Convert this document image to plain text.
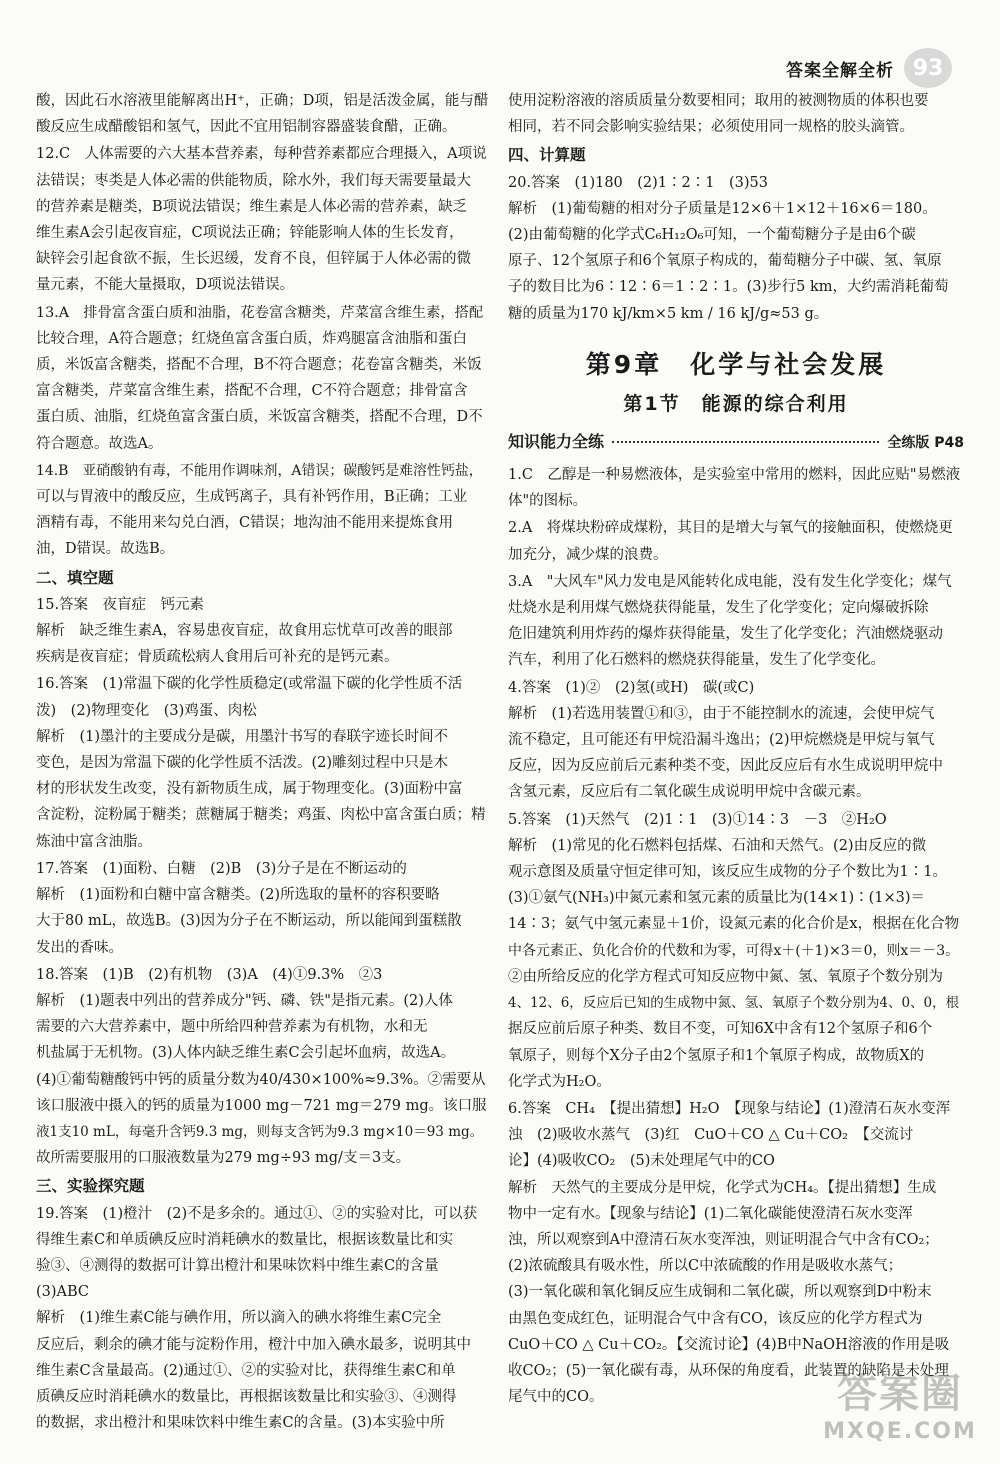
答案全解全析 93
酸，因此石水溶液里能解离出H⁺，正确；D项，铝是活泼金属，能与醋
酸反应生成醋酸铝和氢气，因此不宜用铝制容器盛装食醋，正确。
12.C　人体需要的六大基本营养素，每种营养素都应合理摄入，A项说
法错误；枣类是人体必需的供能物质，除水外，我们每天需要量最大
的营养素是糖类，B项说法错误；维生素是人体必需的营养素，缺乏
维生素A会引起夜盲症，C项说法正确；锌能影响人体的生长发育，
缺锌会引起食欲不振，生长迟缓，发育不良，但锌属于人体必需的微
量元素，不能大量摄取，D项说法错误。
13.A　排骨富含蛋白质和油脂，花卷富含糖类，芹菜富含维生素，搭配
比较合理，A符合题意；红烧鱼富含蛋白质，炸鸡腿富含油脂和蛋白
质，米饭富含糖类，搭配不合理，B不符合题意；花卷富含糖类，米饭
富含糖类，芹菜富含维生素，搭配不合理，C不符合题意；排骨富含
蛋白质、油脂，红烧鱼富含蛋白质，米饭富含糖类，搭配不合理，D不
符合题意。故选A。
14.B　亚硝酸钠有毒，不能用作调味剂，A错误；碳酸钙是难溶性钙盐，
可以与胃液中的酸反应，生成钙离子，具有补钙作用，B正确；工业
酒精有毒，不能用来勾兑白酒，C错误；地沟油不能用来提炼食用
油，D错误。故选B。
二、填空题
15.答案　夜盲症　钙元素
解析　缺乏维生素A，容易患夜盲症，故食用忘忧草可改善的眼部
疾病是夜盲症；骨质疏松病人食用后可补充的是钙元素。
16.答案　(1)常温下碳的化学性质稳定(或常温下碳的化学性质不活
泼)　(2)物理变化　(3)鸡蛋、肉松
解析　(1)墨汁的主要成分是碳，用墨汁书写的春联字迹长时间不
变色，是因为常温下碳的化学性质不活泼。(2)雕刻过程中只是木
材的形状发生改变，没有新物质生成，属于物理变化。(3)面粉中富
含淀粉，淀粉属于糖类；蔗糖属于糖类；鸡蛋、肉松中富含蛋白质；精
炼油中富含油脂。
17.答案　(1)面粉、白糖　(2)B　(3)分子是在不断运动的
解析　(1)面粉和白糖中富含糖类。(2)所选取的量杯的容积要略
大于80 mL，故选B。(3)因为分子在不断运动，所以能闻到蛋糕散
发出的香味。
18.答案　(1)B　(2)有机物　(3)A　(4)①9.3%　②3
解析　(1)题表中列出的营养成分"钙、磷、铁"是指元素。(2)人体
需要的六大营养素中，题中所给四种营养素为有机物，水和无
机盐属于无机物。(3)人体内缺乏维生素C会引起坏血病，故选A。
(4)①葡萄糖酸钙中钙的质量分数为40/430×100%≈9.3%。②需要从
该口服液中摄入的钙的质量为1000 mg－721 mg＝279 mg。该口服
液1支10 mL，每毫升含钙9.3 mg，则每支含钙为9.3 mg×10＝93 mg。
故所需要服用的口服液数量为279 mg÷93 mg/支＝3支。
三、实验探究题
19.答案　(1)橙汁　(2)不是多余的。通过①、②的实验对比，可以获
得维生素C和单质碘反应时消耗碘水的数量比，根据该数量比和实
验③、④测得的数据可计算出橙汁和果味饮料中维生素C的含量
(3)ABC
解析　(1)维生素C能与碘作用，所以滴入的碘水将维生素C完全
反应后，剩余的碘才能与淀粉作用，橙汁中加入碘水最多，说明其中
维生素C含量最高。(2)通过①、②的实验对比，获得维生素C和单
质碘反应时消耗碘水的数量比，再根据该数量比和实验③、④测得
的数据，求出橙汁和果味饮料中维生素C的含量。(3)本实验中所
使用淀粉溶液的溶质质量分数要相同；取用的被测物质的体积也要
相同，若不同会影响实验结果；必须使用同一规格的胶头滴管。
四、计算题
20.答案　(1)180　(2)1∶2∶1　(3)53
解析　(1)葡萄糖的相对分子质量是12×6＋1×12＋16×6＝180。
(2)由葡萄糖的化学式C₆H₁₂O₆可知，一个葡萄糖分子是由6个碳
原子、12个氢原子和6个氧原子构成的，葡萄糖分子中碳、氢、氧原
子的数目比为6∶12∶6＝1∶2∶1。(3)步行5 km，大约需消耗葡萄
糖的质量为170 kJ/km×5 km / 16 kJ/g≈53 g。
第9章　化学与社会发展
第1节　能源的综合利用
知识能力全练	全练版 P48
1.C　乙醇是一种易燃液体，是实验室中常用的燃料，因此应贴"易燃液
体"的图标。
2.A　将煤块粉碎成煤粉，其目的是增大与氧气的接触面积，使燃烧更
加充分，减少煤的浪费。
3.A　"大风车"风力发电是风能转化成电能，没有发生化学变化；煤气
灶烧水是利用煤气燃烧获得能量，发生了化学变化；定向爆破拆除
危旧建筑利用炸药的爆炸获得能量，发生了化学变化；汽油燃烧驱动
汽车，利用了化石燃料的燃烧获得能量，发生了化学变化。
4.答案　(1)②　(2)氢(或H)　碳(或C)
解析　(1)若选用装置①和③，由于不能控制水的流速，会使甲烷气
流不稳定，且可能还有甲烷沿漏斗逸出；(2)甲烷燃烧是甲烷与氧气
反应，因为反应前后元素种类不变，因此反应后有水生成说明甲烷中
含氢元素，反应后有二氧化碳生成说明甲烷中含碳元素。
5.答案　(1)天然气　(2)1∶1　(3)①14∶3　－3　②H₂O
解析　(1)常见的化石燃料包括煤、石油和天然气。(2)由反应的微
观示意图及质量守恒定律可知，该反应生成物的分子个数比为1∶1。
(3)①氨气(NH₃)中氮元素和氢元素的质量比为(14×1)∶(1×3)＝
14∶3；氨气中氢元素显＋1价，设氮元素的化合价是x，根据在化合物
中各元素正、负化合价的代数和为零，可得x＋(＋1)×3＝0，则x＝－3。
②由所给反应的化学方程式可知反应物中氮、氢、氧原子个数分别为
4、12、6，反应后已知的生成物中氮、氢、氧原子个数分别为4、0、0，根
据反应前后原子种类、数目不变，可知6X中含有12个氢原子和6个
氧原子，则每个X分子由2个氢原子和1个氧原子构成，故物质X的
化学式为H₂O。
6.答案　CH₄　【提出猜想】H₂O　【现象与结论】(1)澄清石灰水变浑
浊　(2)吸收水蒸气　(3)红　CuO＋CO △ Cu＋CO₂　【交流讨
论】(4)吸收CO₂　(5)未处理尾气中的CO
解析　天然气的主要成分是甲烷，化学式为CH₄。【提出猜想】生成
物中一定有水。【现象与结论】(1)二氧化碳能使澄清石灰水变浑
浊，所以观察到A中澄清石灰水变浑浊，则证明混合气中含有CO₂；
(2)浓硫酸具有吸水性，所以C中浓硫酸的作用是吸收水蒸气；
(3)一氧化碳和氧化铜反应生成铜和二氧化碳，所以观察到D中粉末
由黑色变成红色，证明混合气中含有CO，该反应的化学方程式为
CuO＋CO △ Cu＋CO₂。【交流讨论】(4)B中NaOH溶液的作用是吸
收CO₂；(5)一氧化碳有毒，从环保的角度看，此装置的缺陷是未处理
尾气中的CO。	答案圈
MXQE.COM
